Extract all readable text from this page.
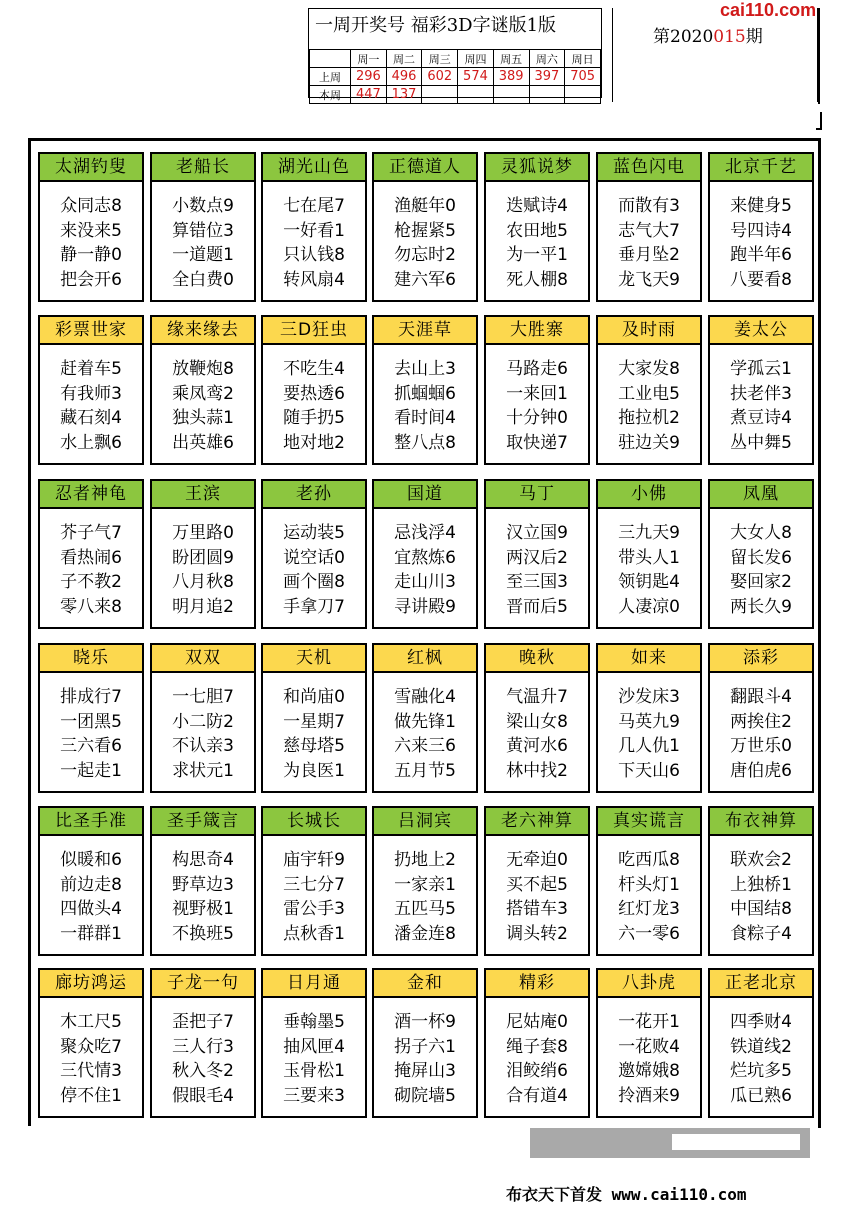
一周开奖号 福彩3D字谜版1版
	周一	周二	周三	周四	周五	周六	周日
上周	296	496	602	574	389	397	705
本周	447	137					
第2020015期
cai110.com
太湖钓叟
众同志8
来没来5
静一静0
把会开6
老船长
小数点9
算错位3
一道题1
全白费0
湖光山色
七在尾7
一好看1
只认钱8
转风扇4
正德道人
渔艇年0
枪握紧5
勿忘时2
建六军6
灵狐说梦
迭赋诗4
农田地5
为一平1
死人棚8
蓝色闪电
而散有3
志气大7
垂月坠2
龙飞天9
北京千艺
来健身5
号四诗4
跑半年6
八要看8
彩票世家
赶着车5
有我师3
藏石刻4
水上飘6
缘来缘去
放鞭炮8
乘凤鸾2
独头蒜1
出英雄6
三D狂虫
不吃生4
要热透6
随手扔5
地对地2
天涯草
去山上3
抓蝈蝈6
看时间4
整八点8
大胜寨
马路走6
一来回1
十分钟0
取快递7
及时雨
大家发8
工业电5
拖拉机2
驻边关9
姜太公
学孤云1
扶老伴3
煮豆诗4
丛中舞5
忍者神龟
芥子气7
看热闹6
子不教2
零八来8
王滨
万里路0
盼团圆9
八月秋8
明月追2
老孙
运动装5
说空话0
画个圈8
手拿刀7
国道
忌浅浮4
宜熬炼6
走山川3
寻讲殿9
马丁
汉立国9
两汉后2
至三国3
晋而后5
小佛
三九天9
带头人1
领钥匙4
人凄凉0
凤凰
大女人8
留长发6
娶回家2
两长久9
晓乐
排成行7
一团黑5
三六看6
一起走1
双双
一七胆7
小二防2
不认亲3
求状元1
天机
和尚庙0
一星期7
慈母塔5
为良医1
红枫
雪融化4
做先锋1
六来三6
五月节5
晚秋
气温升7
梁山女8
黄河水6
林中找2
如来
沙发床3
马英九9
几人仇1
下天山6
添彩
翻跟斗4
两挨住2
万世乐0
唐伯虎6
比圣手准
似暖和6
前边走8
四做头4
一群群1
圣手箴言
构思奇4
野草边3
视野极1
不换班5
长城长
庙宇轩9
三七分7
雷公手3
点秋香1
吕洞宾
扔地上2
一家亲1
五匹马5
潘金连8
老六神算
无牵迫0
买不起5
搭错车3
调头转2
真实谎言
吃西瓜8
杆头灯1
红灯龙3
六一零6
布衣神算
联欢会2
上独桥1
中国结8
食粽子4
廊坊鸿运
木工尺5
聚众吃7
三代情3
停不住1
子龙一句
歪把子7
三人行3
秋入冬2
假眼毛4
日月通
垂翰墨5
抽风匣4
玉骨松1
三要来3
金和
酒一杯9
拐子六1
掩屏山3
砌院墙5
精彩
尼姑庵0
绳子套8
泪鲛绡6
合有道4
八卦虎
一花开1
一花败4
邀嫦娥8
拎酒来9
正老北京
四季财4
铁道线2
烂坑多5
瓜已熟6
布衣天下首发 www.cai110.com
